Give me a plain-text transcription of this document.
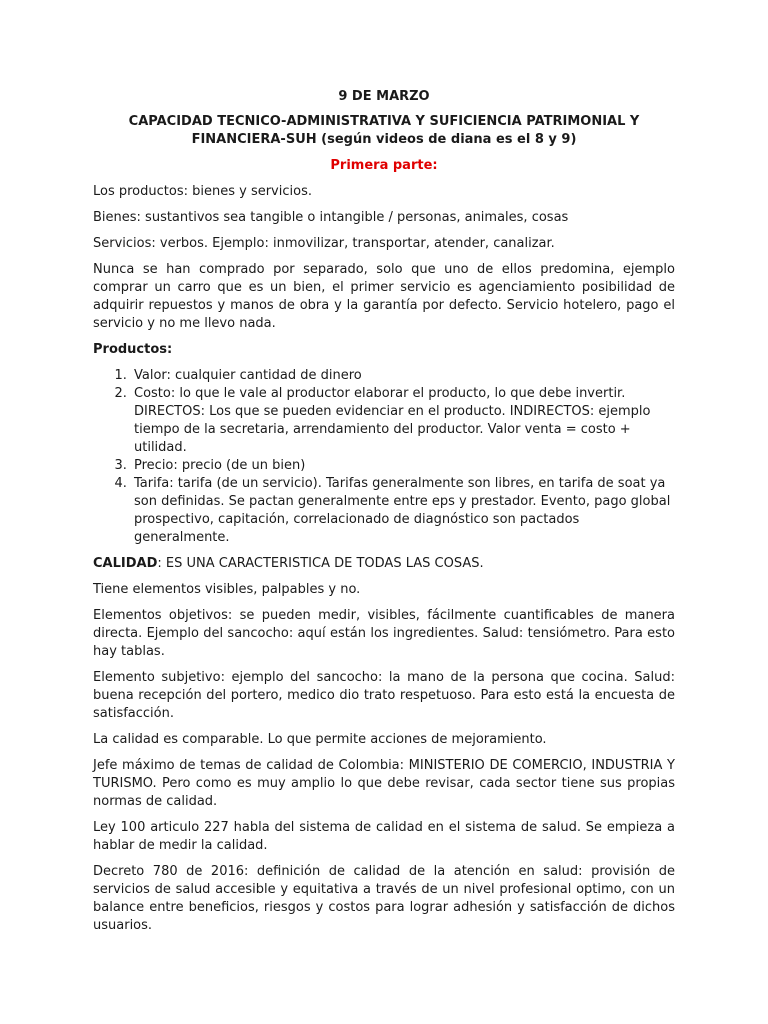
9 DE MARZO

CAPACIDAD TECNICO-ADMINISTRATIVA Y SUFICIENCIA PATRIMONIAL Y FINANCIERA-SUH (según videos de diana es el 8 y 9)

Primera parte:

Los productos: bienes y servicios.

Bienes: sustantivos sea tangible o intangible / personas, animales, cosas

Servicios: verbos. Ejemplo: inmovilizar, transportar, atender, canalizar.

Nunca se han comprado por separado, solo que uno de ellos predomina, ejemplo comprar un carro que es un bien, el primer servicio es agenciamiento posibilidad de adquirir repuestos y manos de obra y la garantía por defecto. Servicio hotelero, pago el servicio y no me llevo nada.

Productos:

1. Valor: cualquier cantidad de dinero
2. Costo: lo que le vale al productor elaborar el producto, lo que debe invertir. DIRECTOS: Los que se pueden evidenciar en el producto. INDIRECTOS: ejemplo tiempo de la secretaria, arrendamiento del productor. Valor venta = costo + utilidad.
3. Precio: precio (de un bien)
4. Tarifa: tarifa (de un servicio). Tarifas generalmente son libres, en tarifa de soat ya son definidas. Se pactan generalmente entre eps y prestador. Evento, pago global prospectivo, capitación, correlacionado de diagnóstico son pactados generalmente.

CALIDAD: ES UNA CARACTERISTICA DE TODAS LAS COSAS.

Tiene elementos visibles, palpables y no.

Elementos objetivos: se pueden medir, visibles, fácilmente cuantificables de manera directa. Ejemplo del sancocho: aquí están los ingredientes. Salud: tensiómetro. Para esto hay tablas.

Elemento subjetivo: ejemplo del sancocho: la mano de la persona que cocina. Salud: buena recepción del portero, medico dio trato respetuoso. Para esto está la encuesta de satisfacción.

La calidad es comparable. Lo que permite acciones de mejoramiento.

Jefe máximo de temas de calidad de Colombia: MINISTERIO DE COMERCIO, INDUSTRIA Y TURISMO. Pero como es muy amplio lo que debe revisar, cada sector tiene sus propias normas de calidad.

Ley 100 articulo 227 habla del sistema de calidad en el sistema de salud. Se empieza a hablar de medir la calidad.

Decreto 780 de 2016: definición de calidad de la atención en salud: provisión de servicios de salud accesible y equitativa a través de un nivel profesional optimo, con un balance entre beneficios, riesgos y costos para lograr adhesión y satisfacción de dichos usuarios.
